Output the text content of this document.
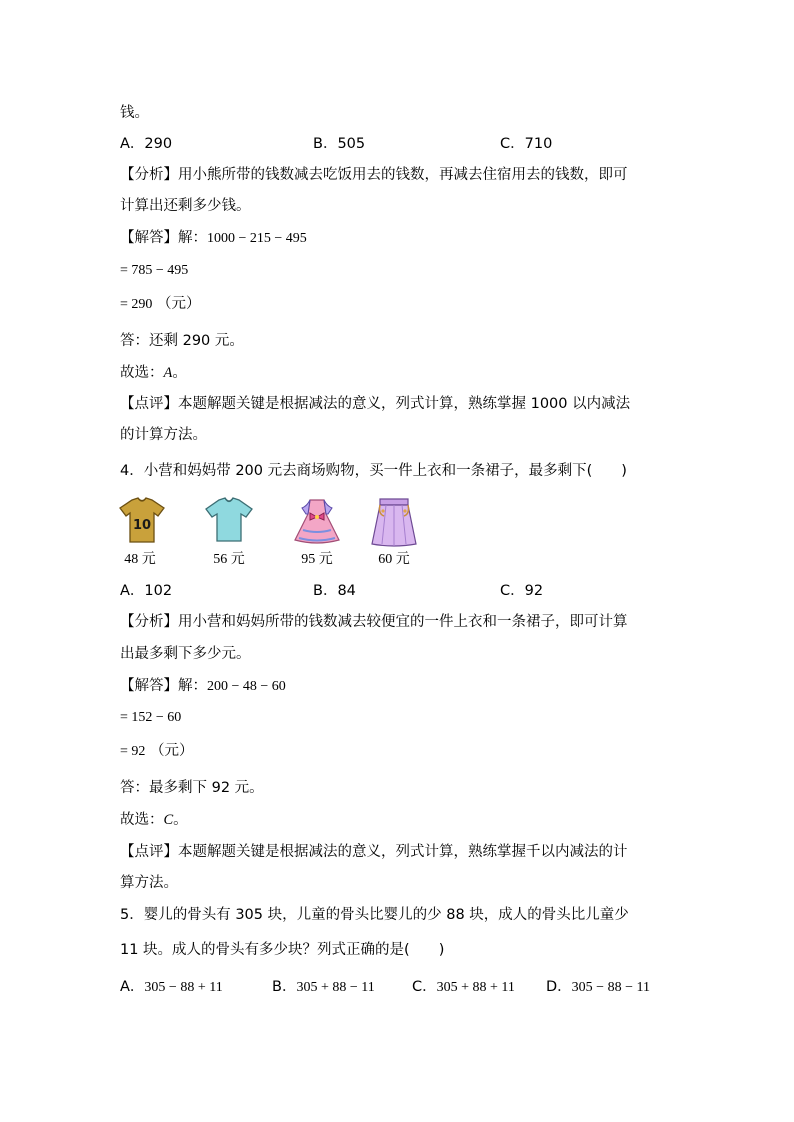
钱。
A．290	B．505	C．710
【分析】用小熊所带的钱数减去吃饭用去的钱数，再减去住宿用去的钱数，即可
计算出还剩多少钱。
【解答】解：1000 − 215 − 495
= 785 − 495
= 290 （元）
答：还剩 290 元。
故选：A。
【点评】本题解题关键是根据减法的意义，列式计算，熟练掌握 1000 以内减法
的计算方法。
4．小营和妈妈带 200 元去商场购物，买一件上衣和一条裙子，最多剩下(　　)
10
48 元	56 元	95 元	60 元
A．102	B．84	C．92
【分析】用小营和妈妈所带的钱数减去较便宜的一件上衣和一条裙子，即可计算
出最多剩下多少元。
【解答】解：200 − 48 − 60
= 152 − 60
= 92 （元）
答：最多剩下 92 元。
故选：C。
【点评】本题解题关键是根据减法的意义，列式计算，熟练掌握千以内减法的计
算方法。
5．婴儿的骨头有 305 块，儿童的骨头比婴儿的少 88 块，成人的骨头比儿童少
11 块。成人的骨头有多少块？列式正确的是(　　)
A．305 − 88 + 11	B．305 + 88 − 11	C．305 + 88 + 11 D．305 − 88 − 11
